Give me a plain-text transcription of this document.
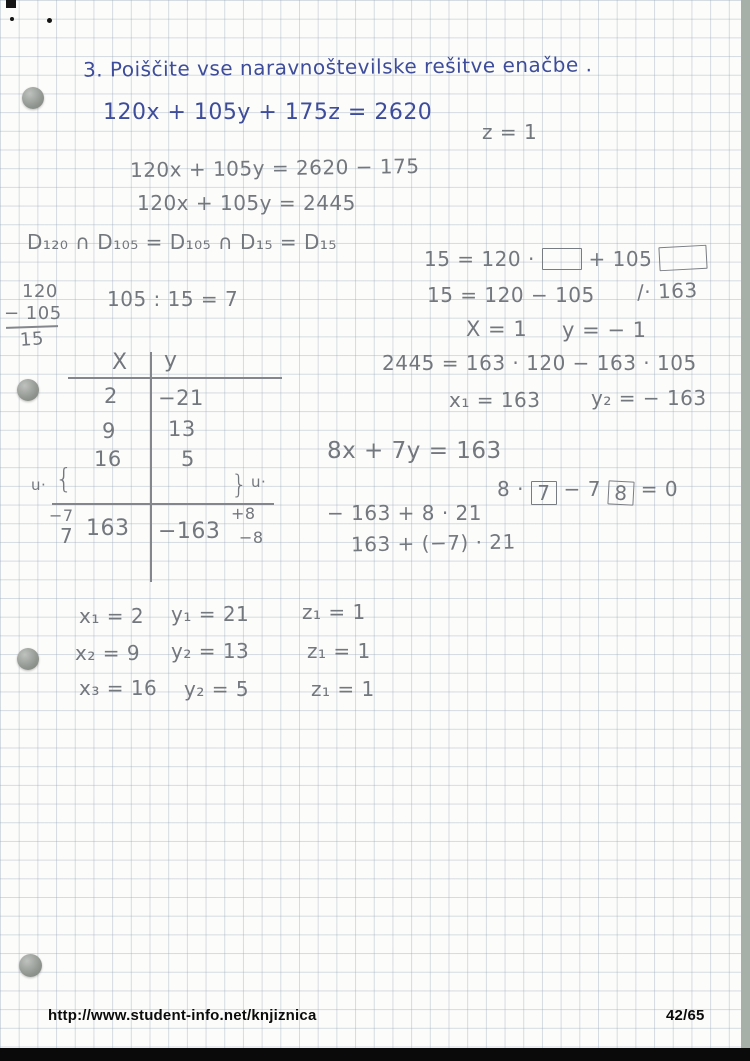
3. Poiščite vse naravnoštevilske rešitve enačbe .
120x + 105y + 175z = 2620
z = 1
120x + 105y = 2620 − 175
120x + 105y = 2445
D₁₂₀ ∩ D₁₀₅ = D₁₀₅ ∩ D₁₅ = D₁₅
120
− 105
15
105 : 15 = 7
15 = 120 ·	+ 105
15 = 120 − 105 /· 163
X = 1 y = − 1
2445 = 163 · 120 − 163 · 105
x₁ = 163	y₂ = − 163
X y
2 −21
9 13
16	5
u· {	} u·
−7	+8
7 163 −163 −8
8x + 7y = 163
8 · 7 − 7 8 = 0
− 163 + 8 · 21
163 + (−7) · 21
x₁ = 2 y₁ = 21	z₁ = 1
x₂ = 9 y₂ = 13	z₁ = 1
x₃ = 16 y₂ = 5	z₁ = 1
http://www.student-info.net/knjiznica	42/65
